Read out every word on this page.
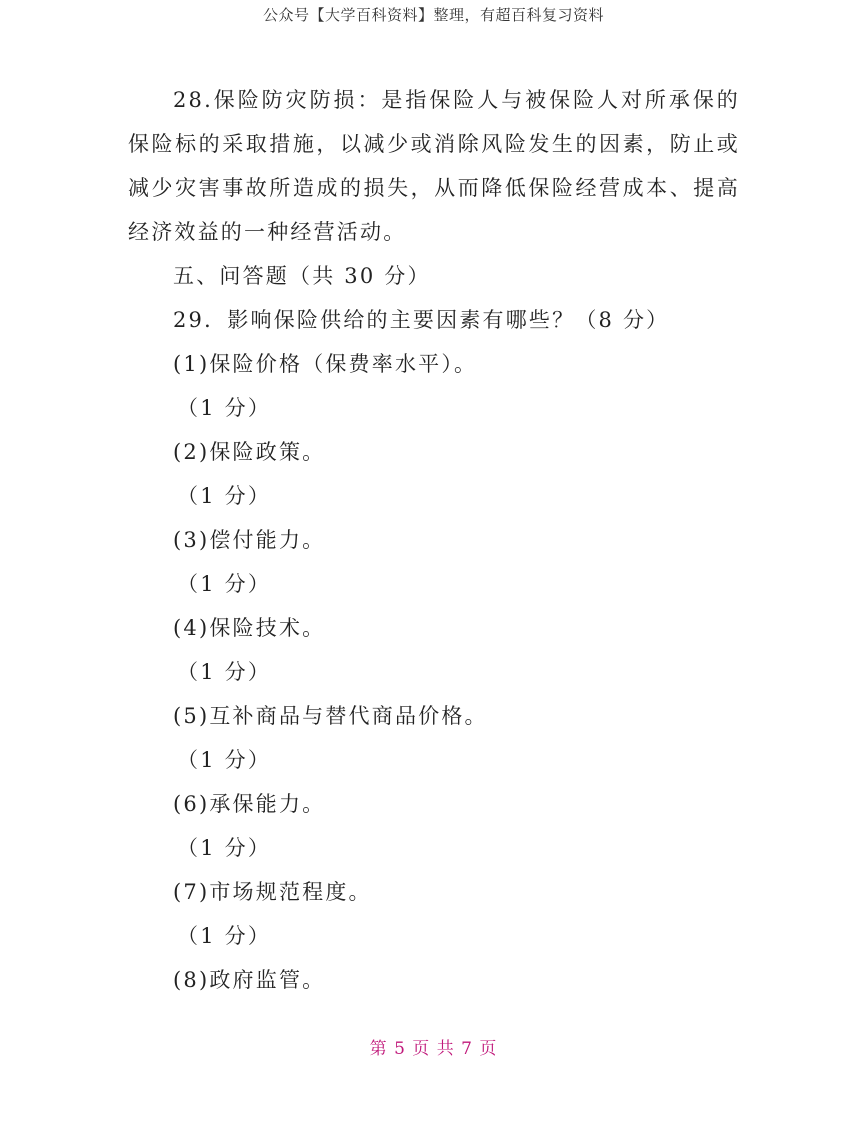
公众号【大学百科资料】整理，有超百科复习资料

28.保险防灾防损：是指保险人与被保险人对所承保的保险标的采取措施，以减少或消除风险发生的因素，防止或减少灾害事故所造成的损失，从而降低保险经营成本、提高经济效益的一种经营活动。

五、问答题（共 30 分）
29．影响保险供给的主要因素有哪些？（8 分）
(1)保险价格（保费率水平）。
（1 分）
(2)保险政策。
（1 分）
(3)偿付能力。
（1 分）
(4)保险技术。
（1 分）
(5)互补商品与替代商品价格。
（1 分）
(6)承保能力。
（1 分）
(7)市场规范程度。
（1 分）
(8)政府监管。
第 5 页 共 7 页
